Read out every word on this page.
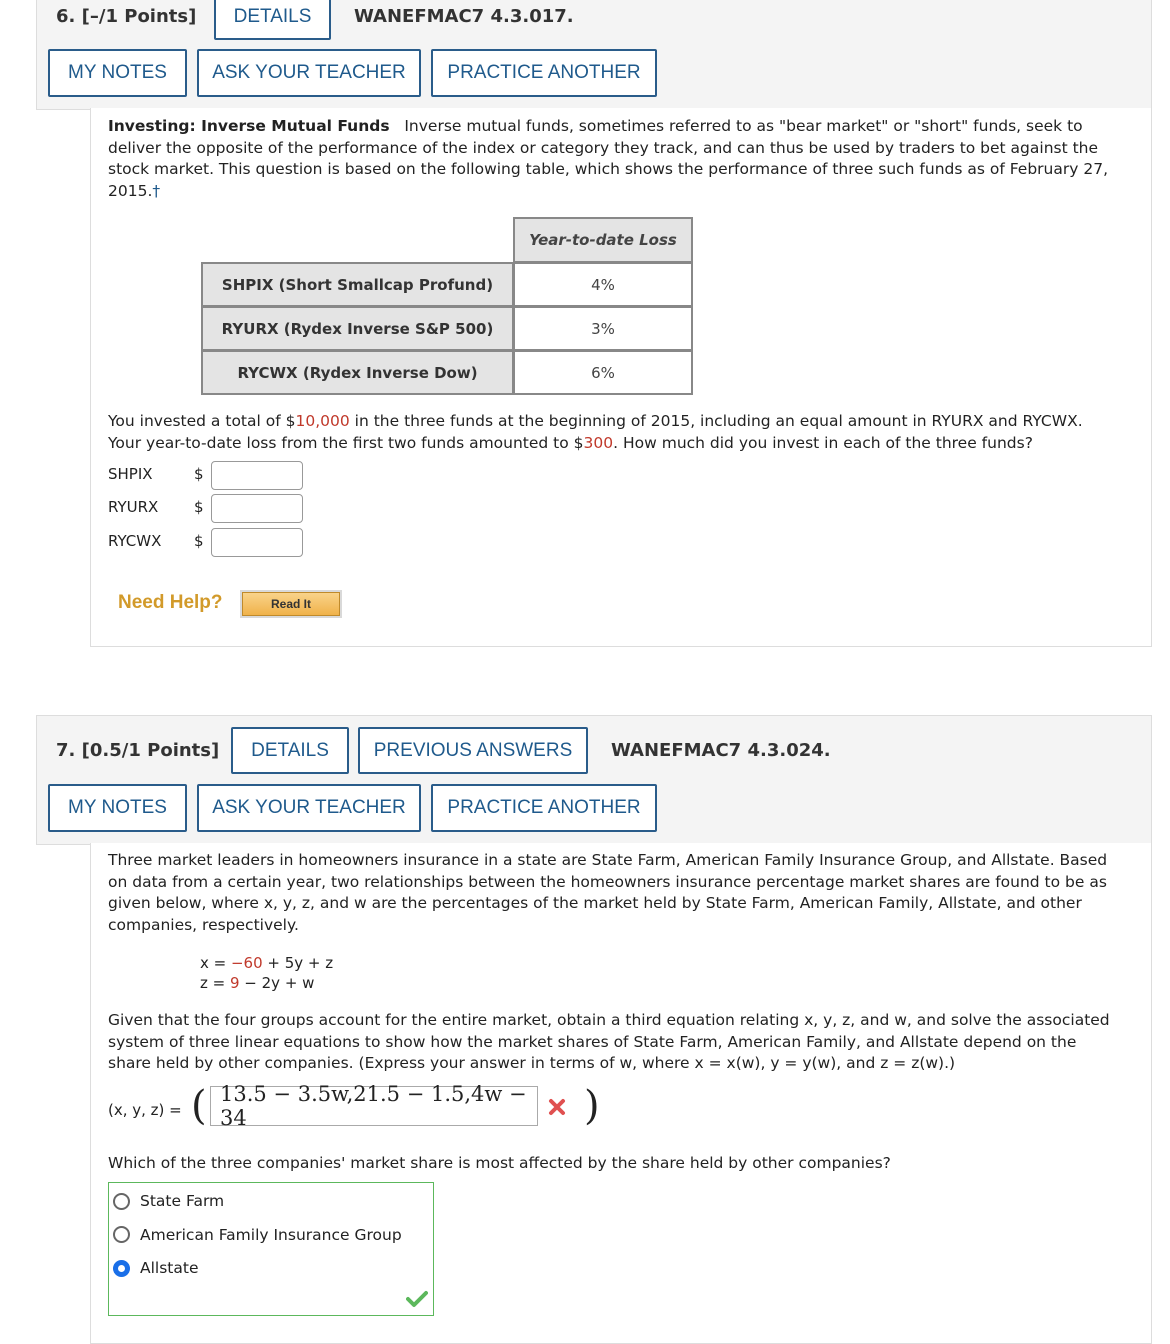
6. [–/1 Points]	DETAILS	WANEFMAC7 4.3.017.
MY NOTES	ASK YOUR TEACHER	PRACTICE ANOTHER
Investing: Inverse Mutual Funds Inverse mutual funds, sometimes referred to as "bear market" or "short" funds, seek to
deliver the opposite of the performance of the index or category they track, and can thus be used by traders to bet against the
stock market. This question is based on the following table, which shows the performance of three such funds as of February 27,
2015.†
Year-to-date Loss
SHPIX (Short Smallcap Profund)	4%
RYURX (Rydex Inverse S&P 500)	3%
RYCWX (Rydex Inverse Dow)	6%
You invested a total of $10,000 in the three funds at the beginning of 2015, including an equal amount in RYURX and RYCWX.
Your year-to-date loss from the first two funds amounted to $300. How much did you invest in each of the three funds?
SHPIX	$
RYURX $
RYCWX $
Need Help?	Read It
7. [0.5/1 Points]	DETAILS	PREVIOUS ANSWERS	WANEFMAC7 4.3.024.
MY NOTES	ASK YOUR TEACHER	PRACTICE ANOTHER
Three market leaders in homeowners insurance in a state are State Farm, American Family Insurance Group, and Allstate. Based
on data from a certain year, two relationships between the homeowners insurance percentage market shares are found to be as
given below, where x, y, z, and w are the percentages of the market held by State Farm, American Family, Allstate, and other
companies, respectively.
x = −60 + 5y + z
z = 9 − 2y + w
Given that the four groups account for the entire market, obtain a third equation relating x, y, z, and w, and solve the associated
system of three linear equations to show how the market shares of State Farm, American Family, and Allstate depend on the
share held by other companies. (Express your answer in terms of w, where x = x(w), y = y(w), and z = z(w).)
(x, y, z) = ( 13.5 − 3.5w,21.5 − 1.5,4w − 34	)
Which of the three companies' market share is most affected by the share held by other companies?
State Farm
American Family Insurance Group
Allstate
